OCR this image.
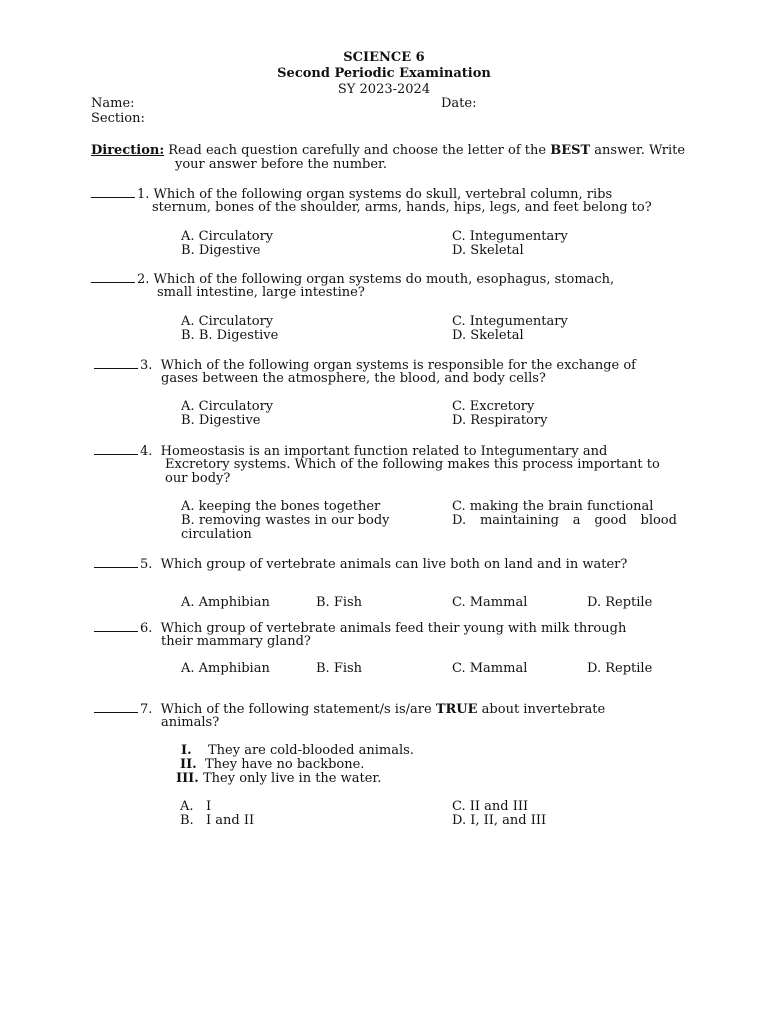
SCIENCE 6
Second Periodic Examination
SY 2023-2024
Name:	Date:
Section:
Direction: Read each question carefully and choose the letter of the BEST answer. Write
your answer before the number.
1. Which of the following organ systems do skull, vertebral column, ribs
sternum, bones of the shoulder, arms, hands, hips, legs, and feet belong to?
A. Circulatory
B. Digestive
C. Integumentary
D. Skeletal
2. Which of the following organ systems do mouth, esophagus, stomach,
small intestine, large intestine?
A. Circulatory
B. B. Digestive
C. Integumentary
D. Skeletal
3. Which of the following organ systems is responsible for the exchange of
gases between the atmosphere, the blood, and body cells?
A. Circulatory
B. Digestive
C. Excretory
D. Respiratory
4. Homeostasis is an important function related to Integumentary and
Excretory systems. Which of the following makes this process important to
our body?
A. keeping the bones together
B. removing wastes in our body
C. making the brain functional
D. maintaining a good blood
circulation
5. Which group of vertebrate animals can live both on land and in water?
A. Amphibian	B. Fish	C. Mammal	D. Reptile
6. Which group of vertebrate animals feed their young with milk through
their mammary gland?
A. Amphibian	B. Fish	C. Mammal	D. Reptile
7. Which of the following statement/s is/are TRUE about invertebrate
animals?
I. They are cold-blooded animals.
II. They have no backbone.
III. They only live in the water.
A. I
B. I and II
C. II and III
D. I, II, and III
